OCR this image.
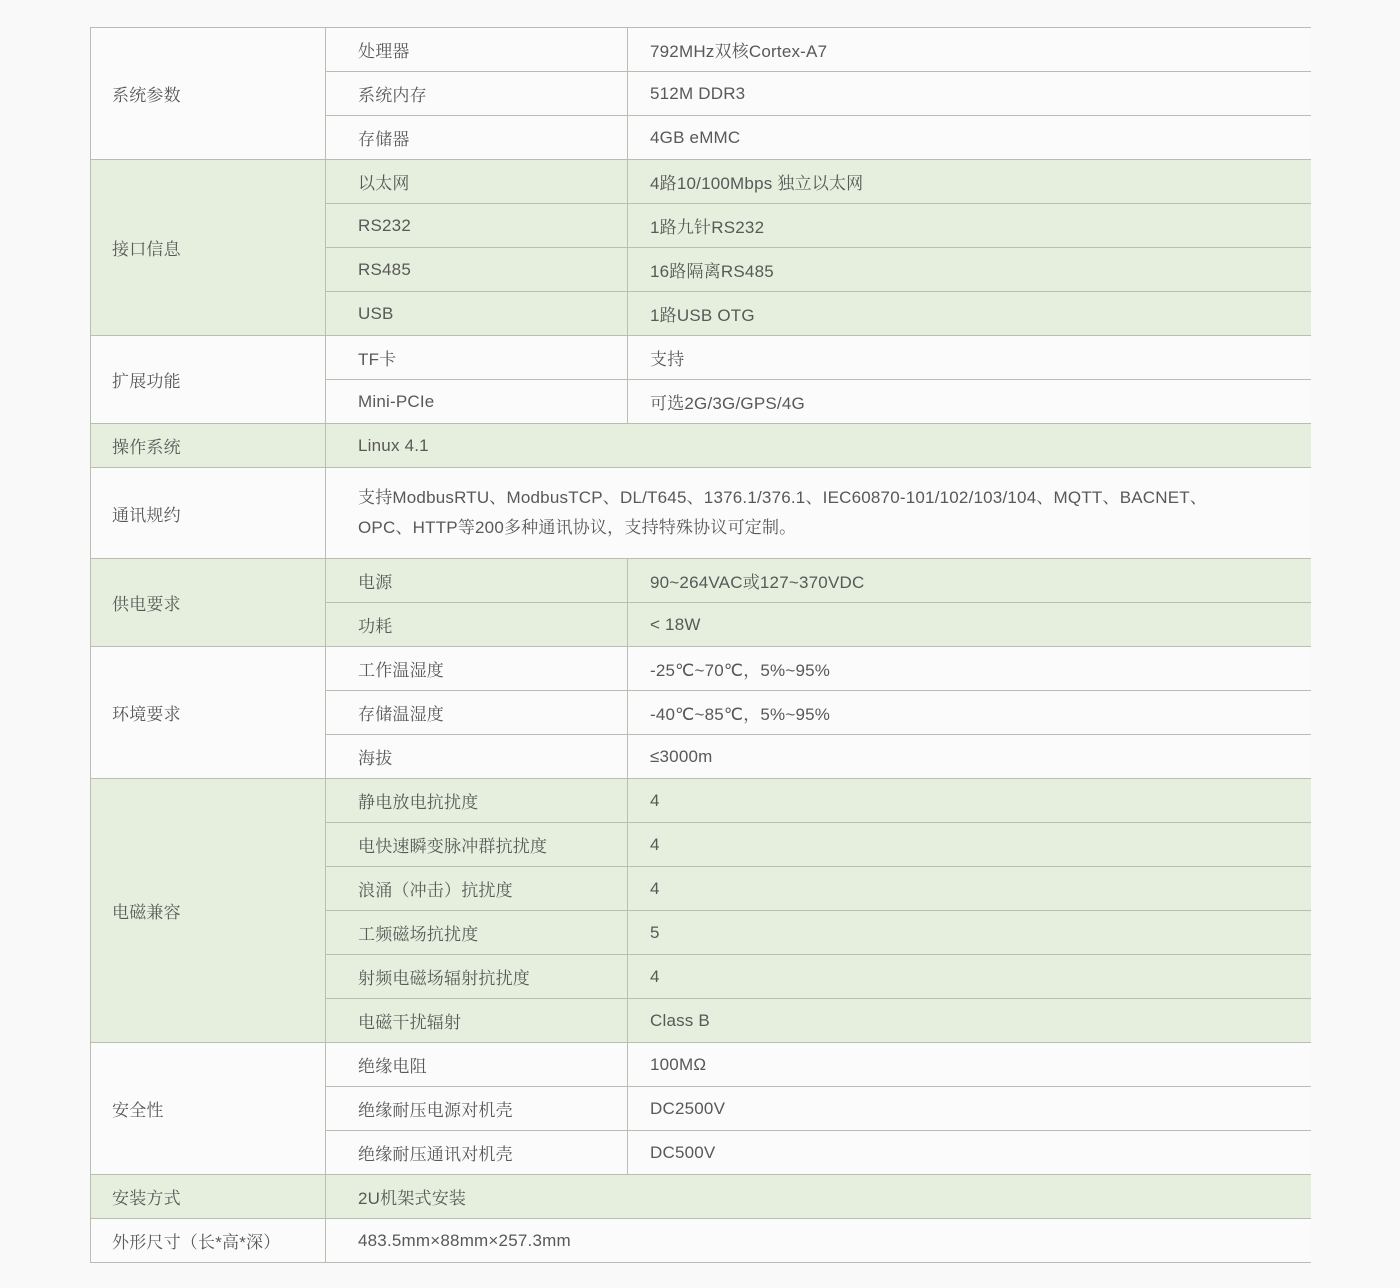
系统参数	处理器	792MHz双核Cortex-A7
	系统内存	512M DDR3
	存储器	4GB eMMC
接口信息	以太网	4路10/100Mbps 独立以太网
	RS232	1路九针RS232
	RS485	16路隔离RS485
	USB	1路USB OTG
扩展功能	TF卡	支持
	Mini-PCIe	可选2G/3G/GPS/4G
操作系统	Linux 4.1	
通讯规约	支持ModbusRTU、ModbusTCP、DL/T645、1376.1/376.1、IEC60870-101/102/103/104、MQTT、BACNET、OPC、HTTP等200多种通讯协议，支持特殊协议可定制。	
供电要求	电源	90~264VAC或127~370VDC
	功耗	< 18W
环境要求	工作温湿度	-25℃~70℃，5%~95%
	存储温湿度	-40℃~85℃，5%~95%
	海拔	≤3000m
电磁兼容	静电放电抗扰度	4
	电快速瞬变脉冲群抗扰度	4
	浪涌（冲击）抗扰度	4
	工频磁场抗扰度	5
	射频电磁场辐射抗扰度	4
	电磁干扰辐射	Class B
安全性	绝缘电阻	100MΩ
	绝缘耐压电源对机壳	DC2500V
	绝缘耐压通讯对机壳	DC500V
安装方式	2U机架式安装	
外形尺寸（长*高*深）	483.5mm×88mm×257.3mm	
